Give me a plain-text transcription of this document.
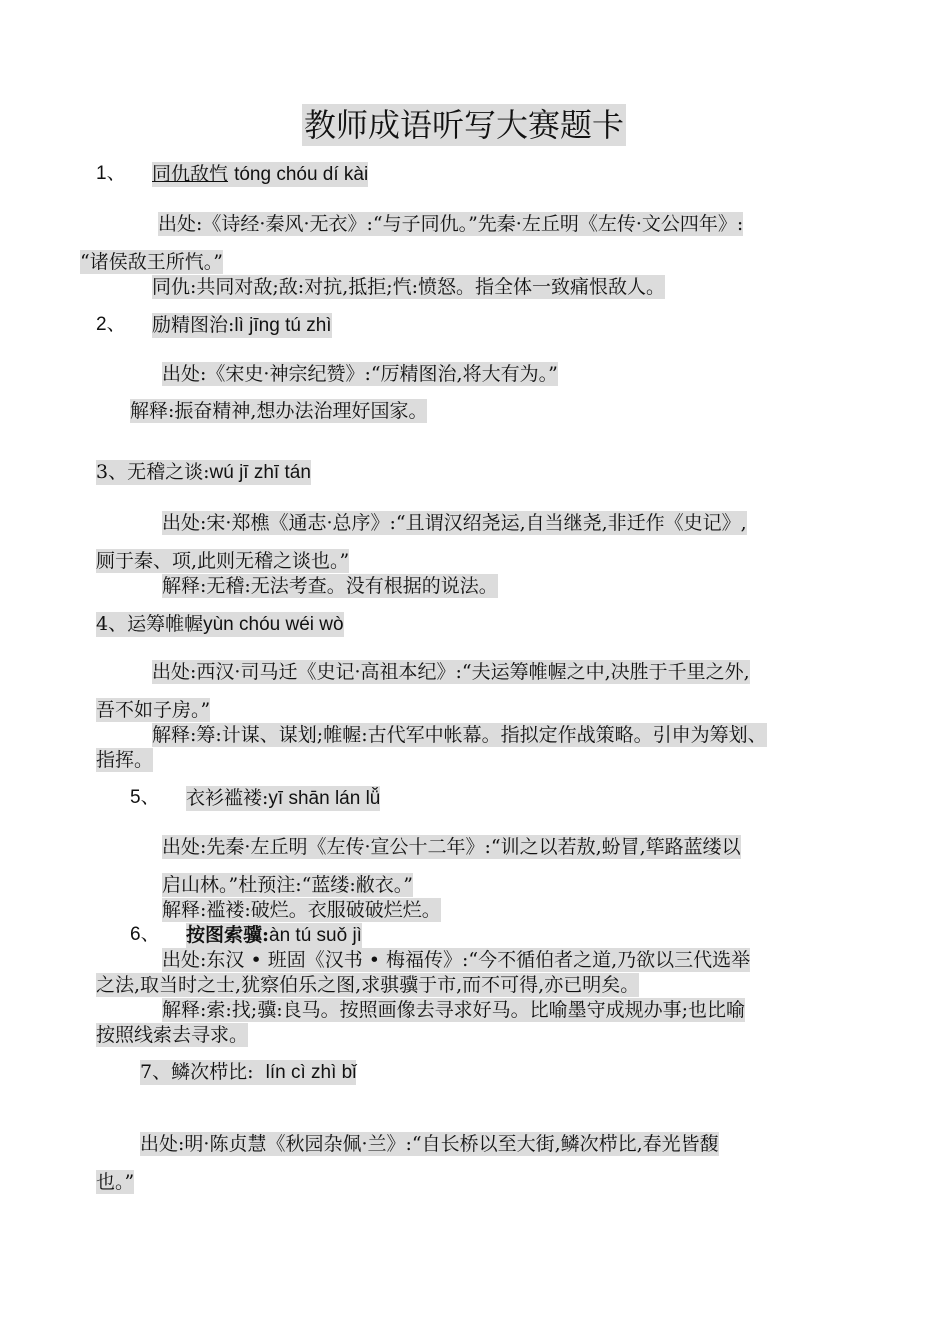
教师成语听写大赛题卡
1、 同仇敌忾 tóng chóu dí kài
出处:《诗经·秦风·无衣》:“与子同仇。”先秦·左丘明《左传·文公四年》:
“诸侯敌王所忾。”
同仇:共同对敌;敌:对抗,抵拒;忾:愤怒。指全体一致痛恨敌人。
2、 励精图治:lì jīng tú zhì
出处:《宋史·神宗纪赞》:“厉精图治,将大有为。”
解释:振奋精神,想办法治理好国家。
3、无稽之谈:wú jī zhī tán
出处:宋·郑樵《通志·总序》:“且谓汉绍尧运,自当继尧,非迁作《史记》,
厕于秦、项,此则无稽之谈也。”
解释:无稽:无法考查。没有根据的说法。
4、运筹帷幄yùn chóu wéi wò
出处:西汉·司马迁《史记·高祖本纪》:“夫运筹帷幄之中,决胜于千里之外,
吾不如子房。”
解释:筹:计谋、谋划;帷幄:古代军中帐幕。指拟定作战策略。引申为筹划、
指挥。
5、 衣衫褴褛:yī shān lán lǚ
出处:先秦·左丘明《左传·宣公十二年》:“训之以若敖,蚡冒,筚路蓝缕以
启山林。”杜预注:“蓝缕:敝衣。”
解释:褴褛:破烂。衣服破破烂烂。
6、 按图索骥:àn tú suǒ jì
出处:东汉 • 班固《汉书 • 梅福传》:“今不循伯者之道,乃欲以三代选举
之法,取当时之士,犹察伯乐之图,求骐骥于市,而不可得,亦已明矣。
解释:索:找;骥:良马。按照画像去寻求好马。比喻墨守成规办事;也比喻
按照线索去寻求。
7、鳞次栉比: lín cì zhì bǐ
出处:明·陈贞慧《秋园杂佩·兰》:“自长桥以至大街,鳞次栉比,春光皆馥
也。”
